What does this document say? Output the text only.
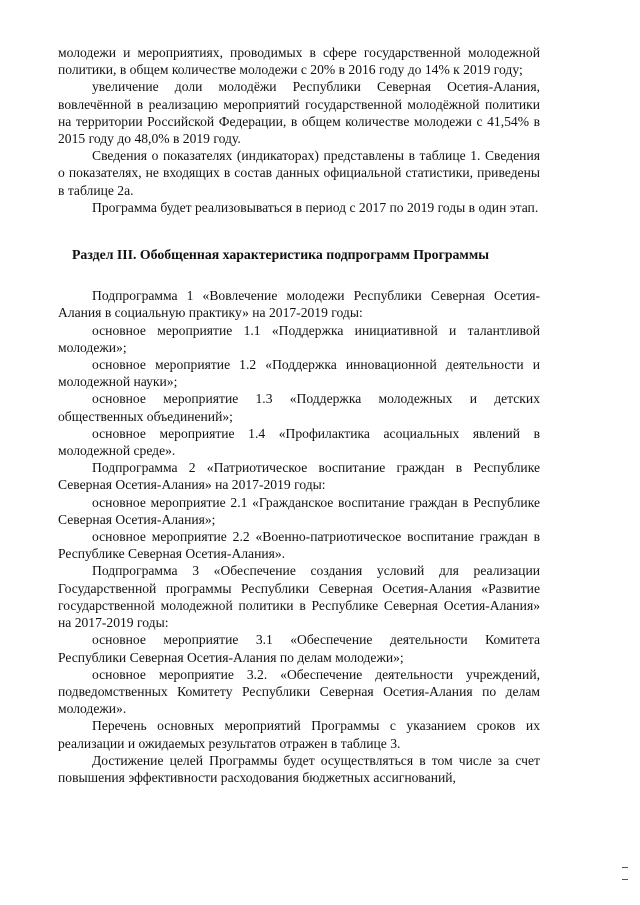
молодежи и мероприятиях, проводимых в сфере государственной молодежной политики, в общем количестве молодежи с 20% в 2016 году до 14% к 2019 году;

увеличение доли молодёжи Республики Северная Осетия-Алания, вовлечённой в реализацию мероприятий государственной молодёжной политики на территории Российской Федерации, в общем количестве молодежи с 41,54% в 2015 году до 48,0% в 2019 году.

Сведения о показателях (индикаторах) представлены в таблице 1. Сведения о показателях, не входящих в состав данных официальной статистики, приведены в таблице 2а.

Программа будет реализовываться в период с 2017 по 2019 годы в один этап.

Раздел III. Обобщенная характеристика подпрограмм Программы

Подпрограмма 1 «Вовлечение молодежи Республики Северная Осетия-Алания в социальную практику» на 2017-2019 годы:

основное мероприятие 1.1 «Поддержка инициативной и талантливой молодежи»;

основное мероприятие 1.2 «Поддержка инновационной деятельности и молодежной науки»;

основное мероприятие 1.3 «Поддержка молодежных и детских общественных объединений»;

основное мероприятие 1.4 «Профилактика асоциальных явлений в молодежной среде».

Подпрограмма 2 «Патриотическое воспитание граждан в Республике Северная Осетия-Алания» на 2017-2019 годы:

основное мероприятие 2.1 «Гражданское воспитание граждан в Республике Северная Осетия-Алания»;

основное мероприятие 2.2 «Военно-патриотическое воспитание граждан в Республике Северная Осетия-Алания».

Подпрограмма 3 «Обеспечение создания условий для реализации Государственной программы Республики Северная Осетия-Алания «Развитие государственной молодежной политики в Республике Северная Осетия-Алания» на 2017-2019 годы:

основное мероприятие 3.1 «Обеспечение деятельности Комитета Республики Северная Осетия-Алания по делам молодежи»;

основное мероприятие 3.2. «Обеспечение деятельности учреждений, подведомственных Комитету Республики Северная Осетия-Алания по делам молодежи».

Перечень основных мероприятий Программы с указанием сроков их реализации и ожидаемых результатов отражен в таблице 3.

Достижение целей Программы будет осуществляться в том числе за счет повышения эффективности расходования бюджетных ассигнований,
